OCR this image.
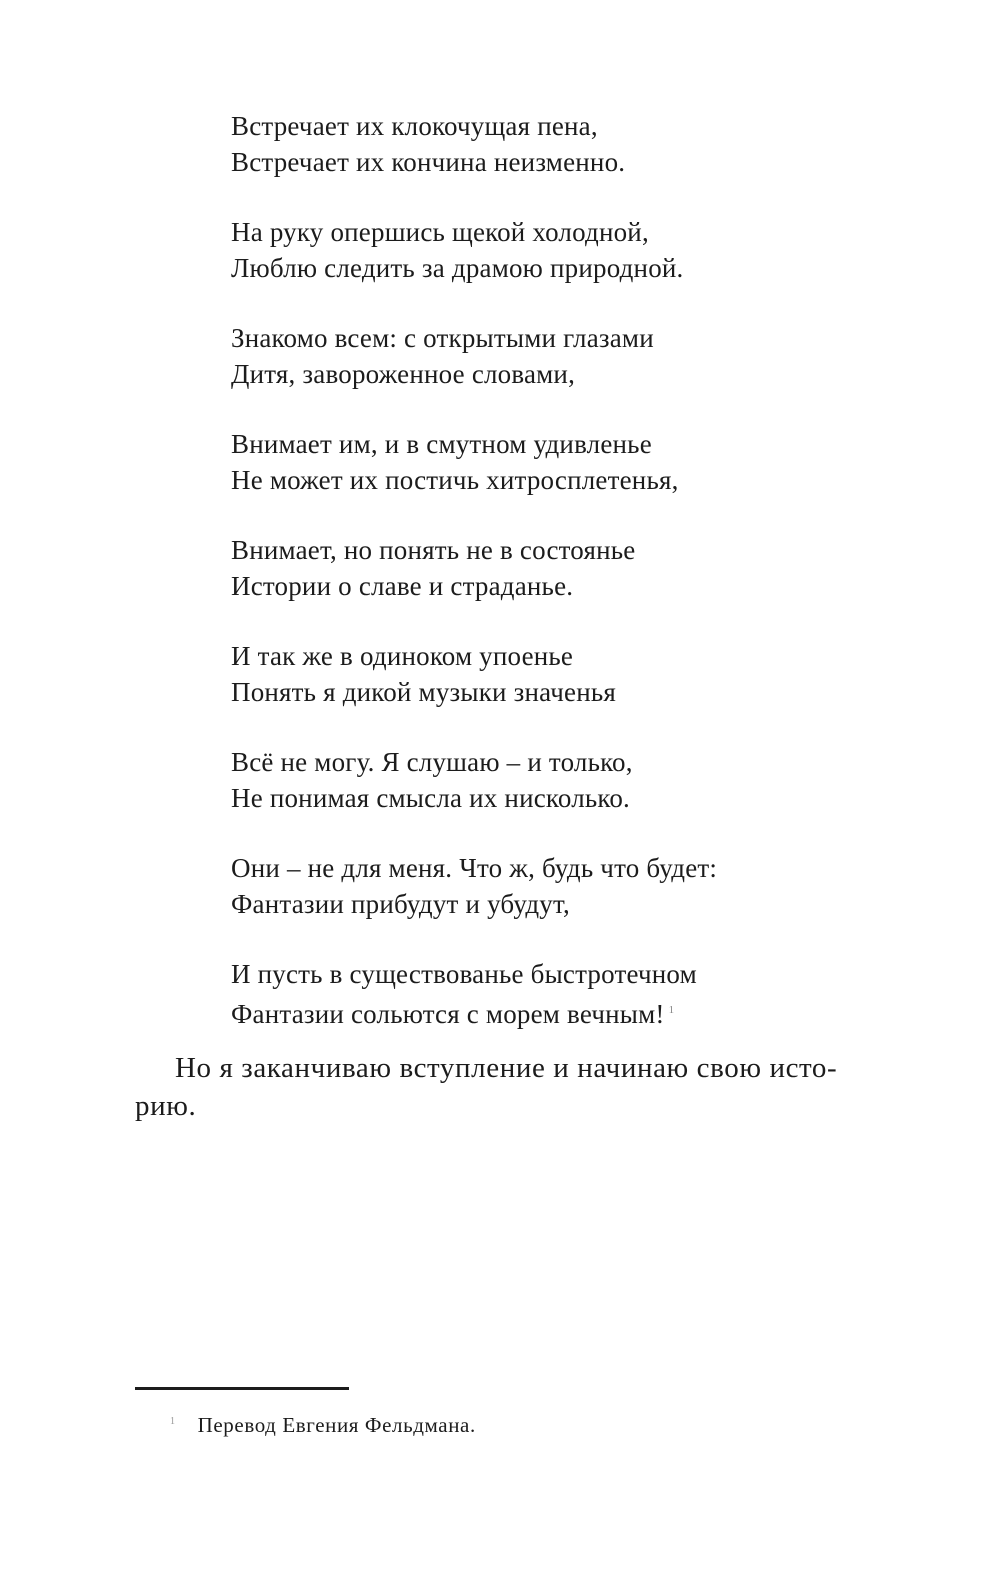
Встречает их клокочущая пена,
Встречает их кончина неизменно.
На руку опершись щекой холодной,
Люблю следить за драмою природной.
Знакомо всем: с открытыми глазами
Дитя, завороженное словами,
Внимает им, и в смутном удивленье
Не может их постичь хитросплетенья,
Внимает, но понять не в состоянье
Истории о славе и страданье.
И так же в одиноком упоенье
Понять я дикой музыки значенья
Всё не могу. Я слушаю – и только,
Не понимая смысла их нисколько.
Они – не для меня. Что ж, будь что будет:
Фантазии прибудут и убудут,
И пусть в существованье быстротечном
Фантазии сольются с морем вечным! $^1$
Но я заканчиваю вступление и начинаю свою исто-
рию.
$^1$ Перевод Евгения Фельдмана.
